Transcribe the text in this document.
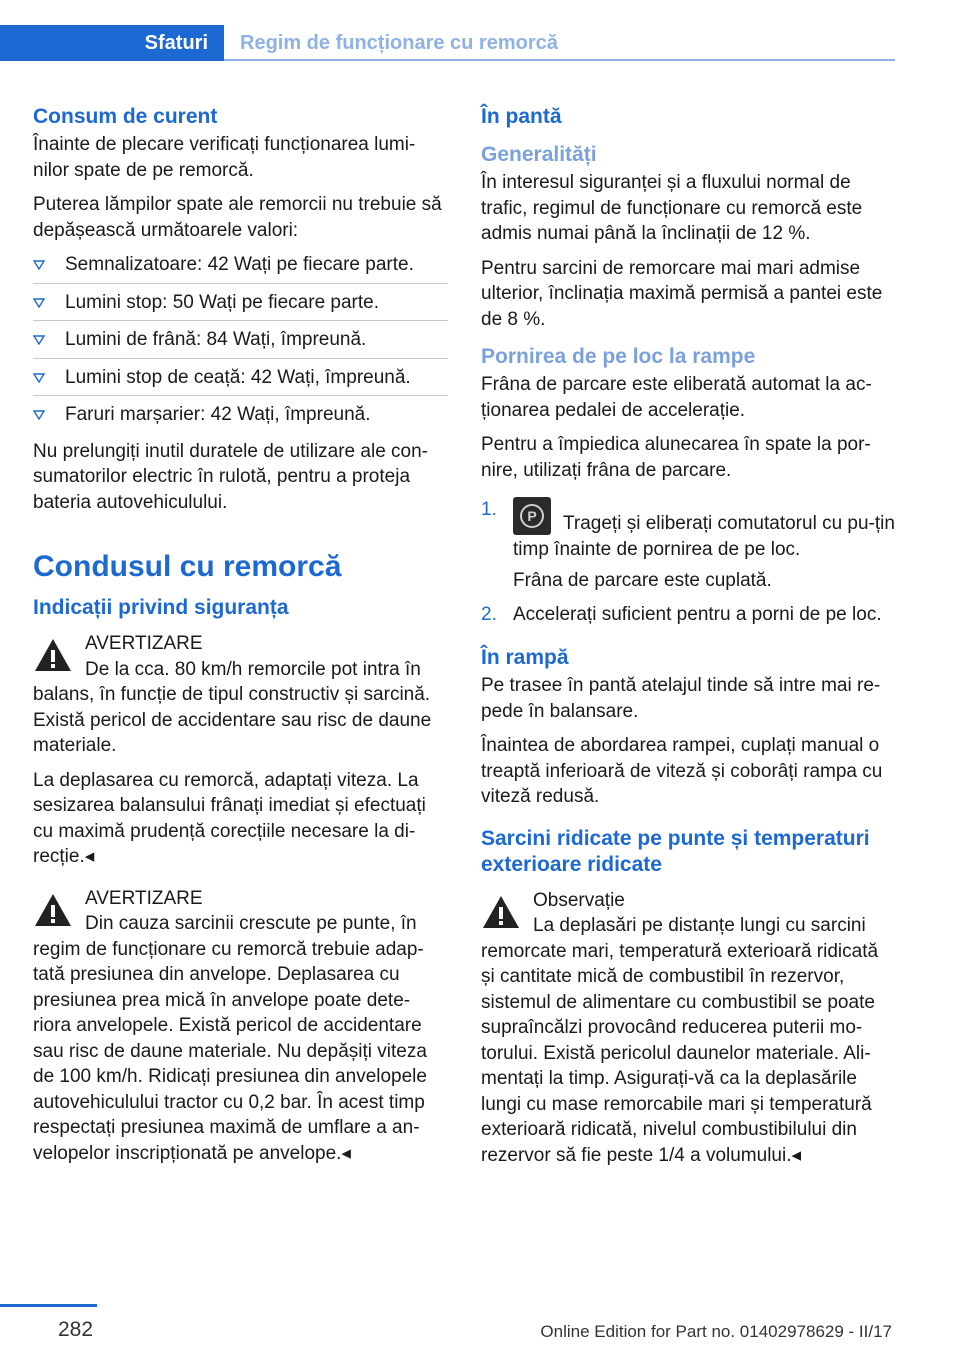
Sfaturi	Regim de funcționare cu remorcă
Consum de curent

Înainte de plecare verificați funcționarea lumi-nilor spate de pe remorcă.

Puterea lămpilor spate ale remorcii nu trebuie să depășească următoarele valori:

Semnalizatoare: 42 Wați pe fiecare parte.
Lumini stop: 50 Wați pe fiecare parte.
Lumini de frână: 84 Wați, împreună.
Lumini stop de ceață: 42 Wați, împreună.
Faruri marșarier: 42 Wați, împreună.

Nu prelungiți inutil duratele de utilizare ale con-sumatorilor electric în rulotă, pentru a proteja bateria autovehiculului.

Condusul cu remorcă
Indicații privind siguranța
AVERTIZARE

De la cca. 80 km/h remorcile pot intra în balans, în funcție de tipul constructiv și sarcină. Există pericol de accidentare sau risc de daune materiale.

La deplasarea cu remorcă, adaptați viteza. La sesizarea balansului frânați imediat și efectuați cu maximă prudență corecțiile necesare la di-recție.◂

AVERTIZARE

Din cauza sarcinii crescute pe punte, în regim de funcționare cu remorcă trebuie adap-tată presiunea din anvelope. Deplasarea cu presiunea prea mică în anvelope poate dete-riora anvelopele. Există pericol de accidentare sau risc de daune materiale. Nu depășiți viteza de 100 km/h. Ridicați presiunea din anvelopele autovehiculului tractor cu 0,2 bar. În acest timp respectați presiunea maximă de umflare a an-velopelor inscripționată pe anvelope.◂

În pantă
Generalități

În interesul siguranței și a fluxului normal de trafic, regimul de funcționare cu remorcă este admis numai până la înclinații de 12 %.

Pentru sarcini de remorcare mai mari admise ulterior, înclinația maximă permisă a pantei este de 8 %.

Pornirea de pe loc la rampe

Frâna de parcare este eliberată automat la ac-ționarea pedalei de accelerație.

Pentru a împiedica alunecarea în spate la por-nire, utilizați frâna de parcare.

1.	P	Trageți și eliberați comutatorul cu pu-țin timp înainte de pornirea de pe loc.
Frâna de parcare este cuplată.
2. Accelerați suficient pentru a porni de pe loc.
În rampă

Pe trasee în pantă atelajul tinde să intre mai re-pede în balansare.

Înaintea de abordarea rampei, cuplați manual o treaptă inferioară de viteză și coborâți rampa cu viteză redusă.

Sarcini ridicate pe punte și temperaturi exterioare ridicate
Observație

La deplasări pe distanțe lungi cu sarcini remorcate mari, temperatură exterioară ridicată și cantitate mică de combustibil în rezervor, sistemul de alimentare cu combustibil se poate supraîncălzi provocând reducerea puterii mo-torului. Există pericolul daunelor materiale. Ali-mentați la timp. Asigurați-vă ca la deplasările lungi cu mase remorcabile mari și temperatură exterioară ridicată, nivelul combustibilului din rezervor să fie peste 1/4 a volumului.◂

282	Online Edition for Part no. 01402978629 - II/17
